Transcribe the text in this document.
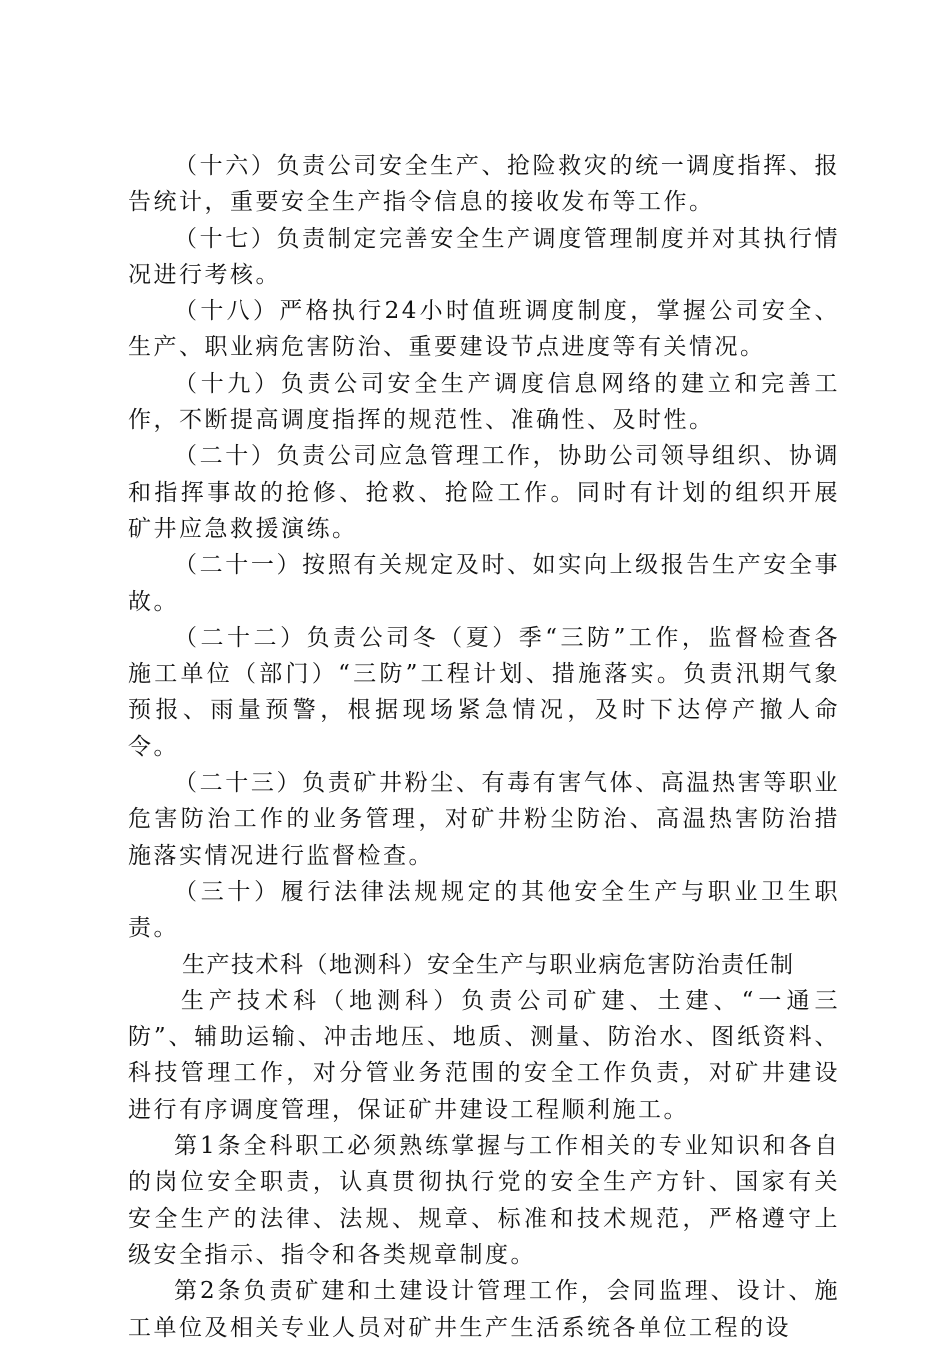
（十六）负责公司安全生产、抢险救灾的统一调度指挥、报告统计，重要安全生产指令信息的接收发布等工作。

（十七）负责制定完善安全生产调度管理制度并对其执行情况进行考核。

（十八）严格执行24小时值班调度制度，掌握公司安全、生产、职业病危害防治、重要建设节点进度等有关情况。

（十九）负责公司安全生产调度信息网络的建立和完善工作，不断提高调度指挥的规范性、准确性、及时性。

（二十）负责公司应急管理工作，协助公司领导组织、协调和指挥事故的抢修、抢救、抢险工作。同时有计划的组织开展矿井应急救援演练。

（二十一）按照有关规定及时、如实向上级报告生产安全事故。

（二十二）负责公司冬（夏）季“三防”工作，监督检查各施工单位（部门）“三防”工程计划、措施落实。负责汛期气象预报、雨量预警，根据现场紧急情况，及时下达停产撤人命令。

（二十三）负责矿井粉尘、有毒有害气体、高温热害等职业危害防治工作的业务管理，对矿井粉尘防治、高温热害防治措施落实情况进行监督检查。

（三十）履行法律法规规定的其他安全生产与职业卫生职责。

生产技术科（地测科）安全生产与职业病危害防治责任制

生产技术科（地测科）负责公司矿建、土建、“一通三防”、辅助运输、冲击地压、地质、测量、防治水、图纸资料、科技管理工作，对分管业务范围的安全工作负责，对矿井建设进行有序调度管理，保证矿井建设工程顺利施工。

第1条全科职工必须熟练掌握与工作相关的专业知识和各自的岗位安全职责，认真贯彻执行党的安全生产方针、国家有关安全生产的法律、法规、规章、标准和技术规范，严格遵守上级安全指示、指令和各类规章制度。

第2条负责矿建和土建设计管理工作，会同监理、设计、施工单位及相关专业人员对矿井生产生活系统各单位工程的设
